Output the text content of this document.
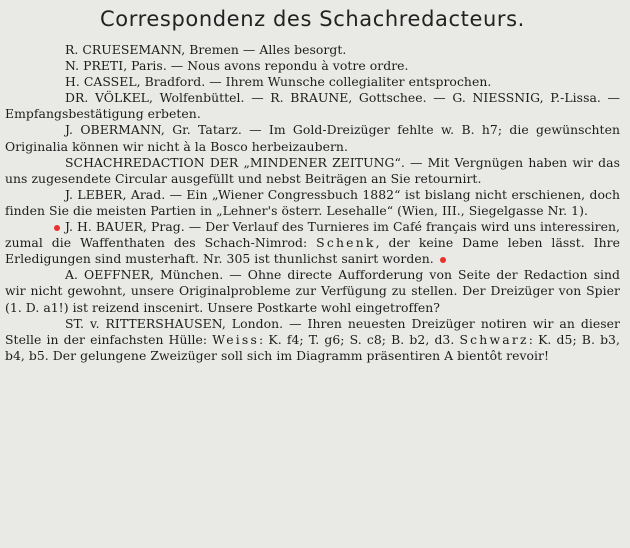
Correspondenz des Schachredacteurs.

R. CRUESEMANN, Bremen — Alles besorgt.

N. PRETI, Paris. — Nous avons repondu à votre ordre.

H. CASSEL, Bradford. — Ihrem Wunsche collegialiter entsprochen.

DR. VÖLKEL, Wolfenbüttel. — R. BRAUNE, Gottschee. — G. NIESSNIG, P.-Lissa. — Empfangsbestätigung erbeten.

J. OBERMANN, Gr. Tatarz. — Im Gold-Dreizüger fehlte w. B. h7; die gewünschten Originalia können wir nicht à la Bosco herbeizaubern.

SCHACHREDACTION DER „MINDENER ZEITUNG“. — Mit Vergnügen haben wir das uns zugesendete Circular ausgefüllt und nebst Beiträgen an Sie retournirt.

J. LEBER, Arad. — Ein „Wiener Congressbuch 1882“ ist bislang nicht erschienen, doch finden Sie die meisten Partien in „Lehner's österr. Lesehalle“ (Wien, III., Siegelgasse Nr. 1).

J. H. BAUER, Prag. — Der Verlauf des Turnieres im Café français wird uns interessiren, zumal die Waffenthaten des Schach-Nimrod: Schenk, der keine Dame leben lässt. Ihre Erledigungen sind musterhaft. Nr. 305 ist thunlichst sanirt worden.

A. OEFFNER, München. — Ohne directe Aufforderung von Seite der Redaction sind wir nicht gewohnt, unsere Originalprobleme zur Verfügung zu stellen. Der Dreizüger von Spier (1. D. a1!) ist reizend inscenirt. Unsere Postkarte wohl eingetroffen?

ST. v. RITTERSHAUSEN, London. — Ihren neuesten Dreizüger notiren wir an dieser Stelle in der einfachsten Hülle: Weiss: K. f4; T. g6; S. c8; B. b2, d3. Schwarz: K. d5; B. b3, b4, b5. Der gelungene Zweizüger soll sich im Diagramm präsentiren A bientôt revoir!
